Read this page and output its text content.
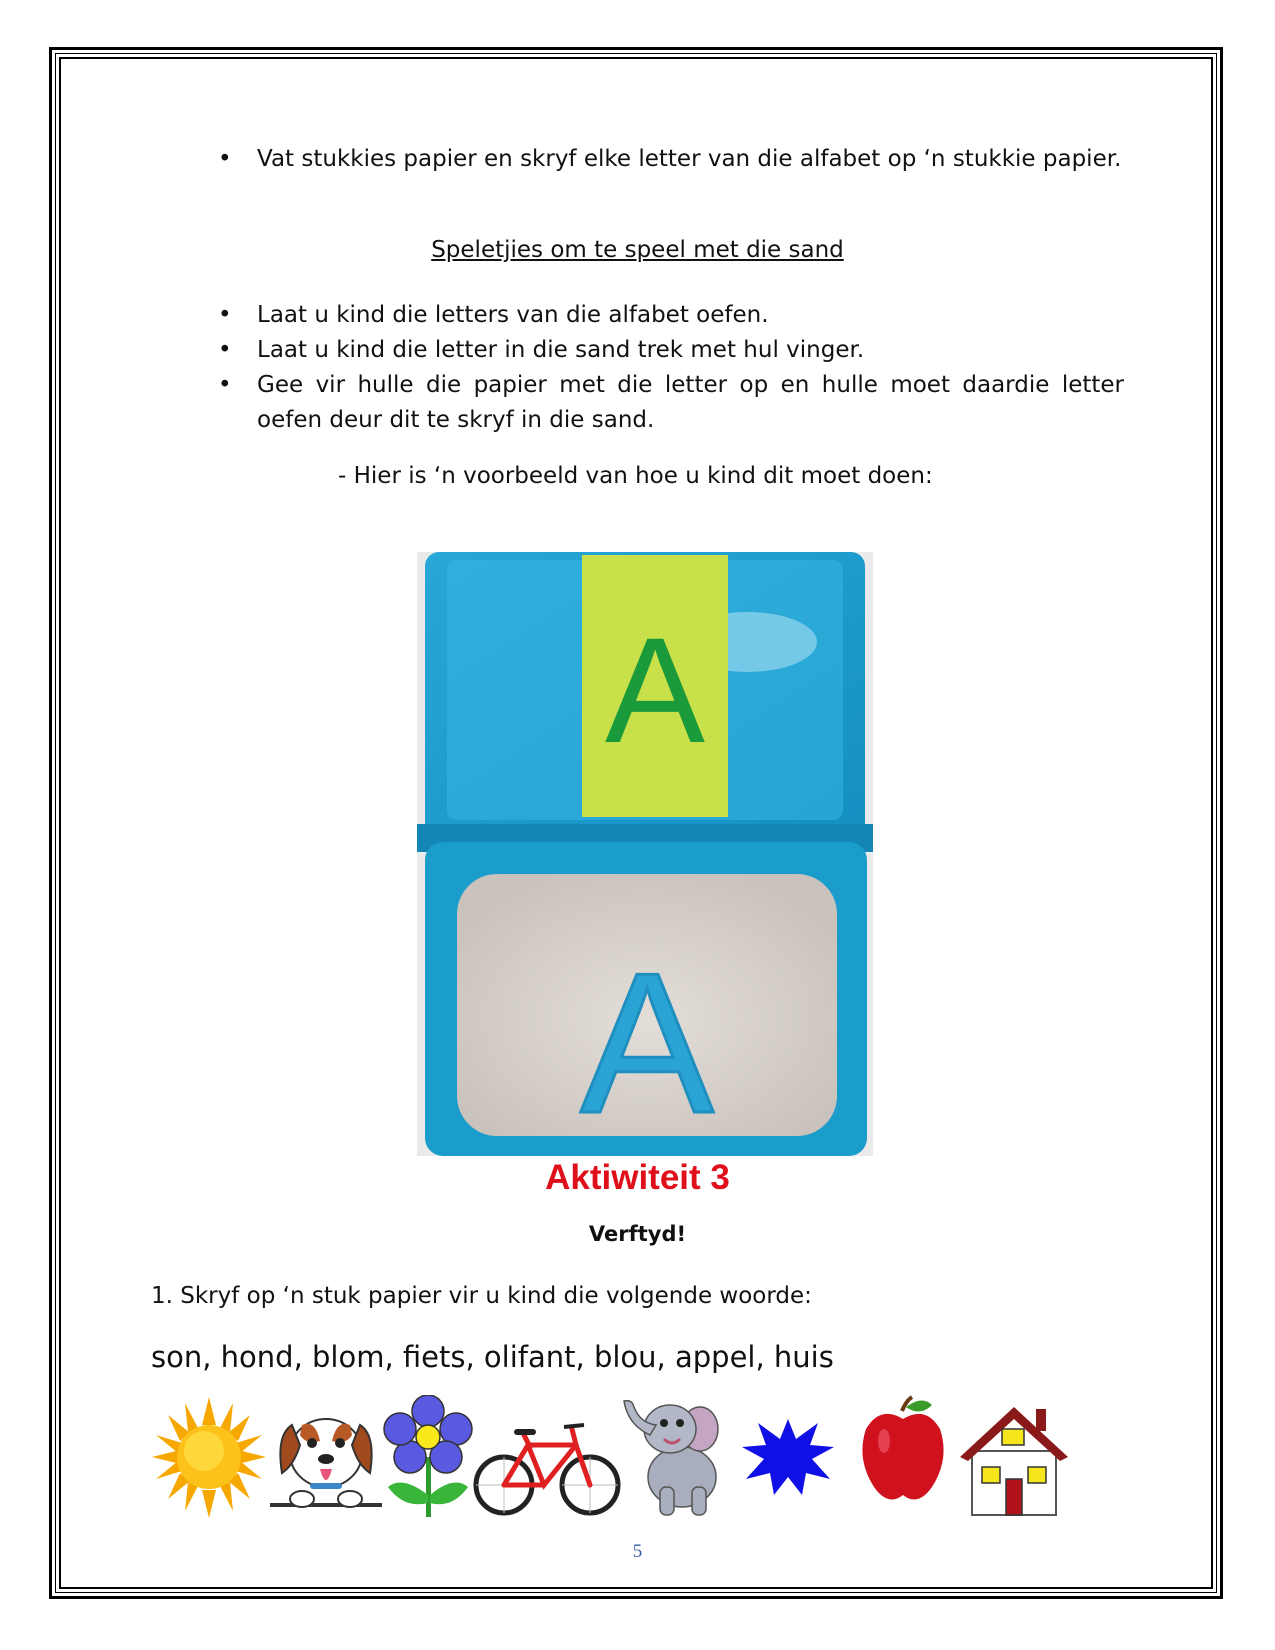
• Vat stukkies papier en skryf elke letter van die alfabet op ‘n stukkie papier.
Speletjies om te speel met die sand
• Laat u kind die letters van die alfabet oefen.
• Laat u kind die letter in die sand trek met hul vinger.
• Gee vir hulle die papier met die letter op en hulle moet daardie letter oefen deur dit te skryf in die sand.
- Hier is ‘n voorbeeld van hoe u kind dit moet doen:
A
A
Aktiwiteit 3
Verftyd!
1. Skryf op ‘n stuk papier vir u kind die volgende woorde:
son, hond, blom, fiets, olifant, blou, appel, huis
5
